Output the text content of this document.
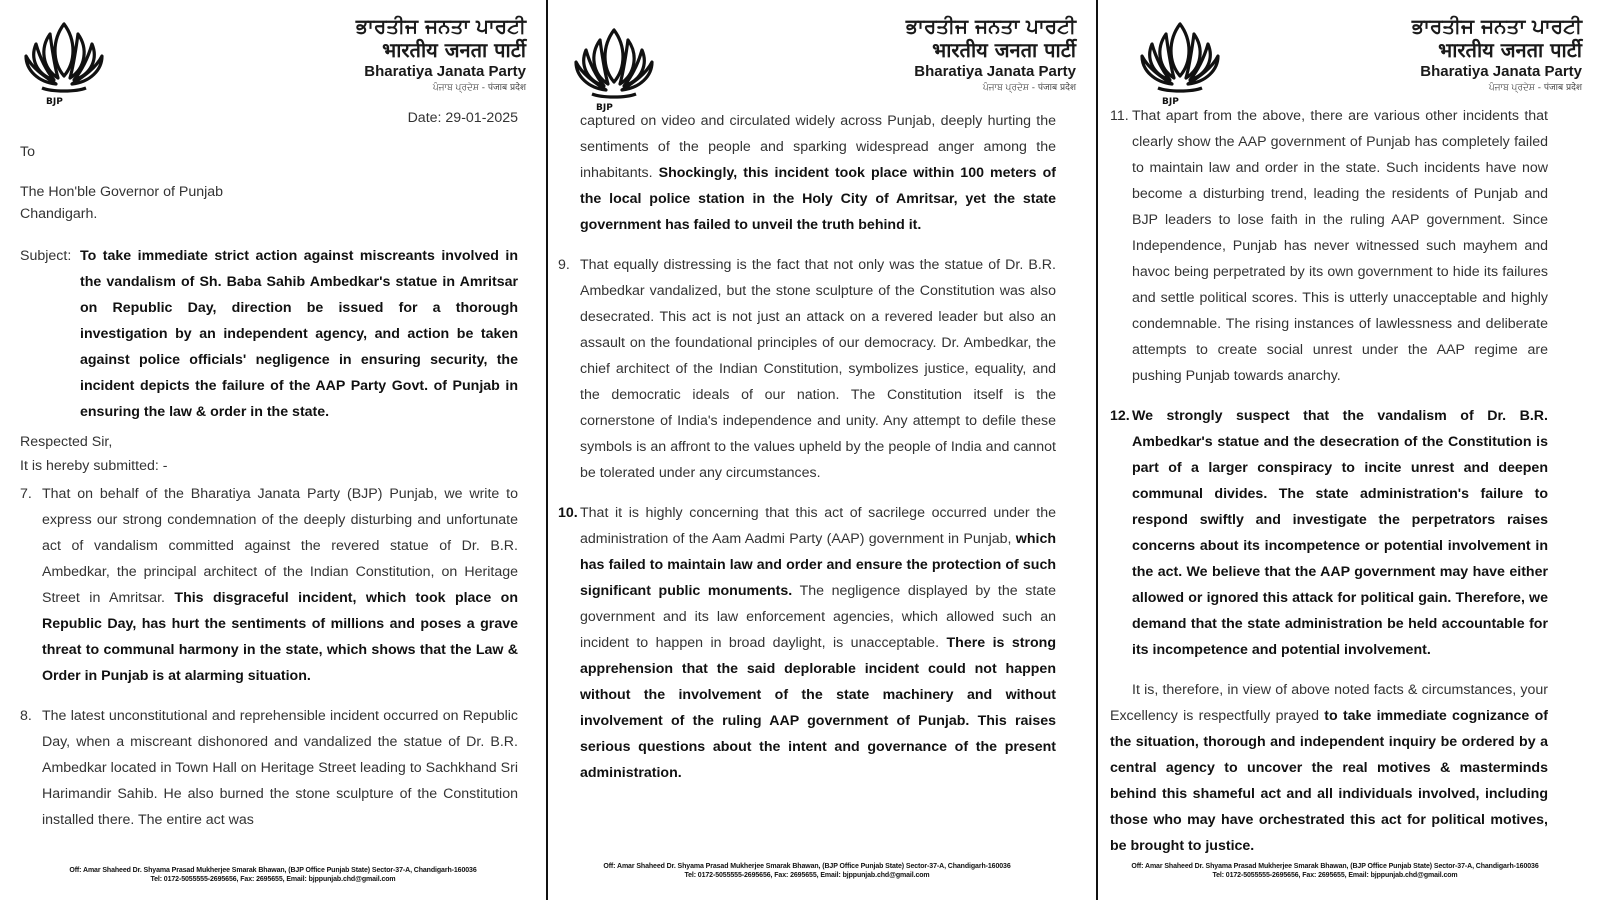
ਭਾਰਤੀਜ ਜਨਤਾ ਪਾਰਟੀ
भारतीय जनता पार्टी
Bharatiya Janata Party
ਪੰਜਾਬ ਪ੍ਰਦੇਸ਼ - पंजाब प्रदेश
Date: 29-01-2025
To
The Hon'ble Governor of Punjab
Chandigarh.
Subject: To take immediate strict action against miscreants involved in the vandalism of Sh. Baba Sahib Ambedkar's statue in Amritsar on Republic Day, direction be issued for a thorough investigation by an independent agency, and action be taken against police officials' negligence in ensuring security, the incident depicts the failure of the AAP Party Govt. of Punjab in ensuring the law & order in the state.
Respected Sir,
It is hereby submitted: -
7. That on behalf of the Bharatiya Janata Party (BJP) Punjab, we write to express our strong condemnation of the deeply disturbing and unfortunate act of vandalism committed against the revered statue of Dr. B.R. Ambedkar, the principal architect of the Indian Constitution, on Heritage Street in Amritsar. This disgraceful incident, which took place on Republic Day, has hurt the sentiments of millions and poses a grave threat to communal harmony in the state, which shows that the Law & Order in Punjab is at alarming situation.
8. The latest unconstitutional and reprehensible incident occurred on Republic Day, when a miscreant dishonored and vandalized the statue of Dr. B.R. Ambedkar located in Town Hall on Heritage Street leading to Sachkhand Sri Harimandir Sahib. He also burned the stone sculpture of the Constitution installed there. The entire act was
Off: Amar Shaheed Dr. Shyama Prasad Mukherjee Smarak Bhawan, (BJP Office Punjab State) Sector-37-A, Chandigarh-160036
Tel: 0172-5055555-2695656, Fax: 2695655, Email: bjppunjab.chd@gmail.com
ਭਾਰਤੀਜ ਜਨਤਾ ਪਾਰਟੀ
भारतीय जनता पार्टी
Bharatiya Janata Party
ਪੰਜਾਬ ਪ੍ਰਦੇਸ਼ - पंजाब प्रदेश
captured on video and circulated widely across Punjab, deeply hurting the sentiments of the people and sparking widespread anger among the inhabitants. Shockingly, this incident took place within 100 meters of the local police station in the Holy City of Amritsar, yet the state government has failed to unveil the truth behind it.
9. That equally distressing is the fact that not only was the statue of Dr. B.R. Ambedkar vandalized, but the stone sculpture of the Constitution was also desecrated. This act is not just an attack on a revered leader but also an assault on the foundational principles of our democracy. Dr. Ambedkar, the chief architect of the Indian Constitution, symbolizes justice, equality, and the democratic ideals of our nation. The Constitution itself is the cornerstone of India's independence and unity. Any attempt to defile these symbols is an affront to the values upheld by the people of India and cannot be tolerated under any circumstances.
10. That it is highly concerning that this act of sacrilege occurred under the administration of the Aam Aadmi Party (AAP) government in Punjab, which has failed to maintain law and order and ensure the protection of such significant public monuments. The negligence displayed by the state government and its law enforcement agencies, which allowed such an incident to happen in broad daylight, is unacceptable. There is strong apprehension that the said deplorable incident could not happen without the involvement of the state machinery and without involvement of the ruling AAP government of Punjab. This raises serious questions about the intent and governance of the present administration.
Off: Amar Shaheed Dr. Shyama Prasad Mukherjee Smarak Bhawan, (BJP Office Punjab State) Sector-37-A, Chandigarh-160036
Tel: 0172-5055555-2695656, Fax: 2695655, Email: bjppunjab.chd@gmail.com
ਭਾਰਤੀਜ ਜਨਤਾ ਪਾਰਟੀ
भारतीय जनता पार्टी
Bharatiya Janata Party
ਪੰਜਾਬ ਪ੍ਰਦੇਸ਼ - पंजाब प्रदेश
11. That apart from the above, there are various other incidents that clearly show the AAP government of Punjab has completely failed to maintain law and order in the state. Such incidents have now become a disturbing trend, leading the residents of Punjab and BJP leaders to lose faith in the ruling AAP government. Since Independence, Punjab has never witnessed such mayhem and havoc being perpetrated by its own government to hide its failures and settle political scores. This is utterly unacceptable and highly condemnable. The rising instances of lawlessness and deliberate attempts to create social unrest under the AAP regime are pushing Punjab towards anarchy.
12. We strongly suspect that the vandalism of Dr. B.R. Ambedkar's statue and the desecration of the Constitution is part of a larger conspiracy to incite unrest and deepen communal divides. The state administration's failure to respond swiftly and investigate the perpetrators raises concerns about its incompetence or potential involvement in the act. We believe that the AAP government may have either allowed or ignored this attack for political gain. Therefore, we demand that the state administration be held accountable for its incompetence and potential involvement.
It is, therefore, in view of above noted facts & circumstances, your Excellency is respectfully prayed to take immediate cognizance of the situation, thorough and independent inquiry be ordered by a central agency to uncover the real motives & masterminds behind this shameful act and all individuals involved, including those who may have orchestrated this act for political motives, be brought to justice.
Off: Amar Shaheed Dr. Shyama Prasad Mukherjee Smarak Bhawan, (BJP Office Punjab State) Sector-37-A, Chandigarh-160036
Tel: 0172-5055555-2695656, Fax: 2695655, Email: bjppunjab.chd@gmail.com
